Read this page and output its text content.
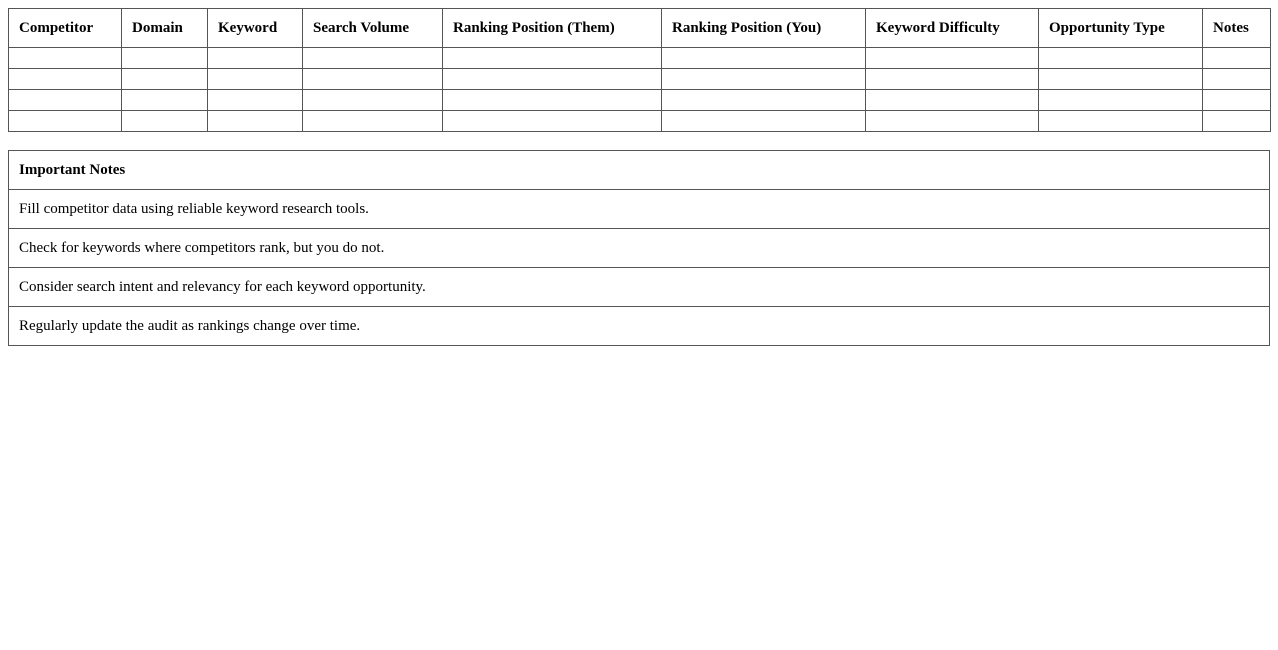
Competitor	Domain	Keyword	Search Volume	Ranking Position (Them)	Ranking Position (You)	Keyword Difficulty	Opportunity Type	Notes

Important Notes
Fill competitor data using reliable keyword research tools.
Check for keywords where competitors rank, but you do not.
Consider search intent and relevancy for each keyword opportunity.
Regularly update the audit as rankings change over time.
